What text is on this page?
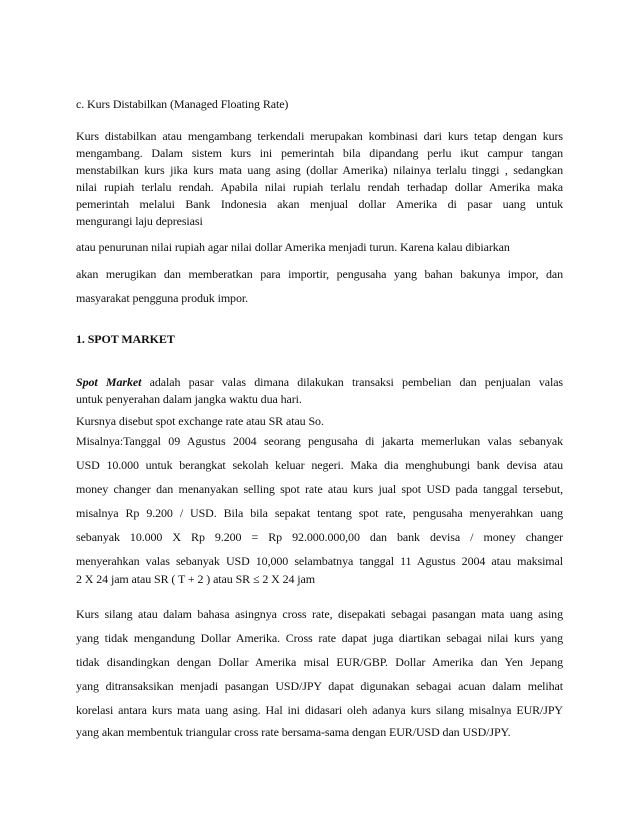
c. Kurs Distabilkan (Managed Floating Rate)
Kurs distabilkan atau mengambang terkendali merupakan kombinasi dari kurs tetap dengan kurs
mengambang. Dalam sistem kurs ini pemerintah bila dipandang perlu ikut campur tangan
menstabilkan kurs jika kurs mata uang asing (dollar Amerika) nilainya terlalu tinggi , sedangkan
nilai rupiah terlalu rendah. Apabila nilai rupiah terlalu rendah terhadap dollar Amerika maka
pemerintah melalui Bank Indonesia akan menjual dollar Amerika di pasar uang untuk
mengurangi laju depresiasi
atau penurunan nilai rupiah agar nilai dollar Amerika menjadi turun. Karena kalau dibiarkan
akan merugikan dan memberatkan para importir, pengusaha yang bahan bakunya impor, dan
masyarakat pengguna produk impor.
1. SPOT MARKET
Spot Market adalah pasar valas dimana dilakukan transaksi pembelian dan penjualan valas
untuk penyerahan dalam jangka waktu dua hari.
Kursnya disebut spot exchange rate atau SR atau So.
Misalnya:Tanggal 09 Agustus 2004 seorang pengusaha di jakarta memerlukan valas sebanyak
USD 10.000 untuk berangkat sekolah keluar negeri. Maka dia menghubungi bank devisa atau
money changer dan menanyakan selling spot rate atau kurs jual spot USD pada tanggal tersebut,
misalnya Rp 9.200 / USD. Bila bila sepakat tentang spot rate, pengusaha menyerahkan uang
sebanyak 10.000 X Rp 9.200 = Rp 92.000.000,00 dan bank devisa / money changer
menyerahkan valas sebanyak USD 10,000 selambatnya tanggal 11 Agustus 2004 atau maksimal
2 X 24 jam atau SR ( T + 2 ) atau SR ≤ 2 X 24 jam
Kurs silang atau dalam bahasa asingnya cross rate, disepakati sebagai pasangan mata uang asing
yang tidak mengandung Dollar Amerika. Cross rate dapat juga diartikan sebagai nilai kurs yang
tidak disandingkan dengan Dollar Amerika misal EUR/GBP. Dollar Amerika dan Yen Jepang
yang ditransaksikan menjadi pasangan USD/JPY dapat digunakan sebagai acuan dalam melihat
korelasi antara kurs mata uang asing. Hal ini didasari oleh adanya kurs silang misalnya EUR/JPY
yang akan membentuk triangular cross rate bersama-sama dengan EUR/USD dan USD/JPY.
